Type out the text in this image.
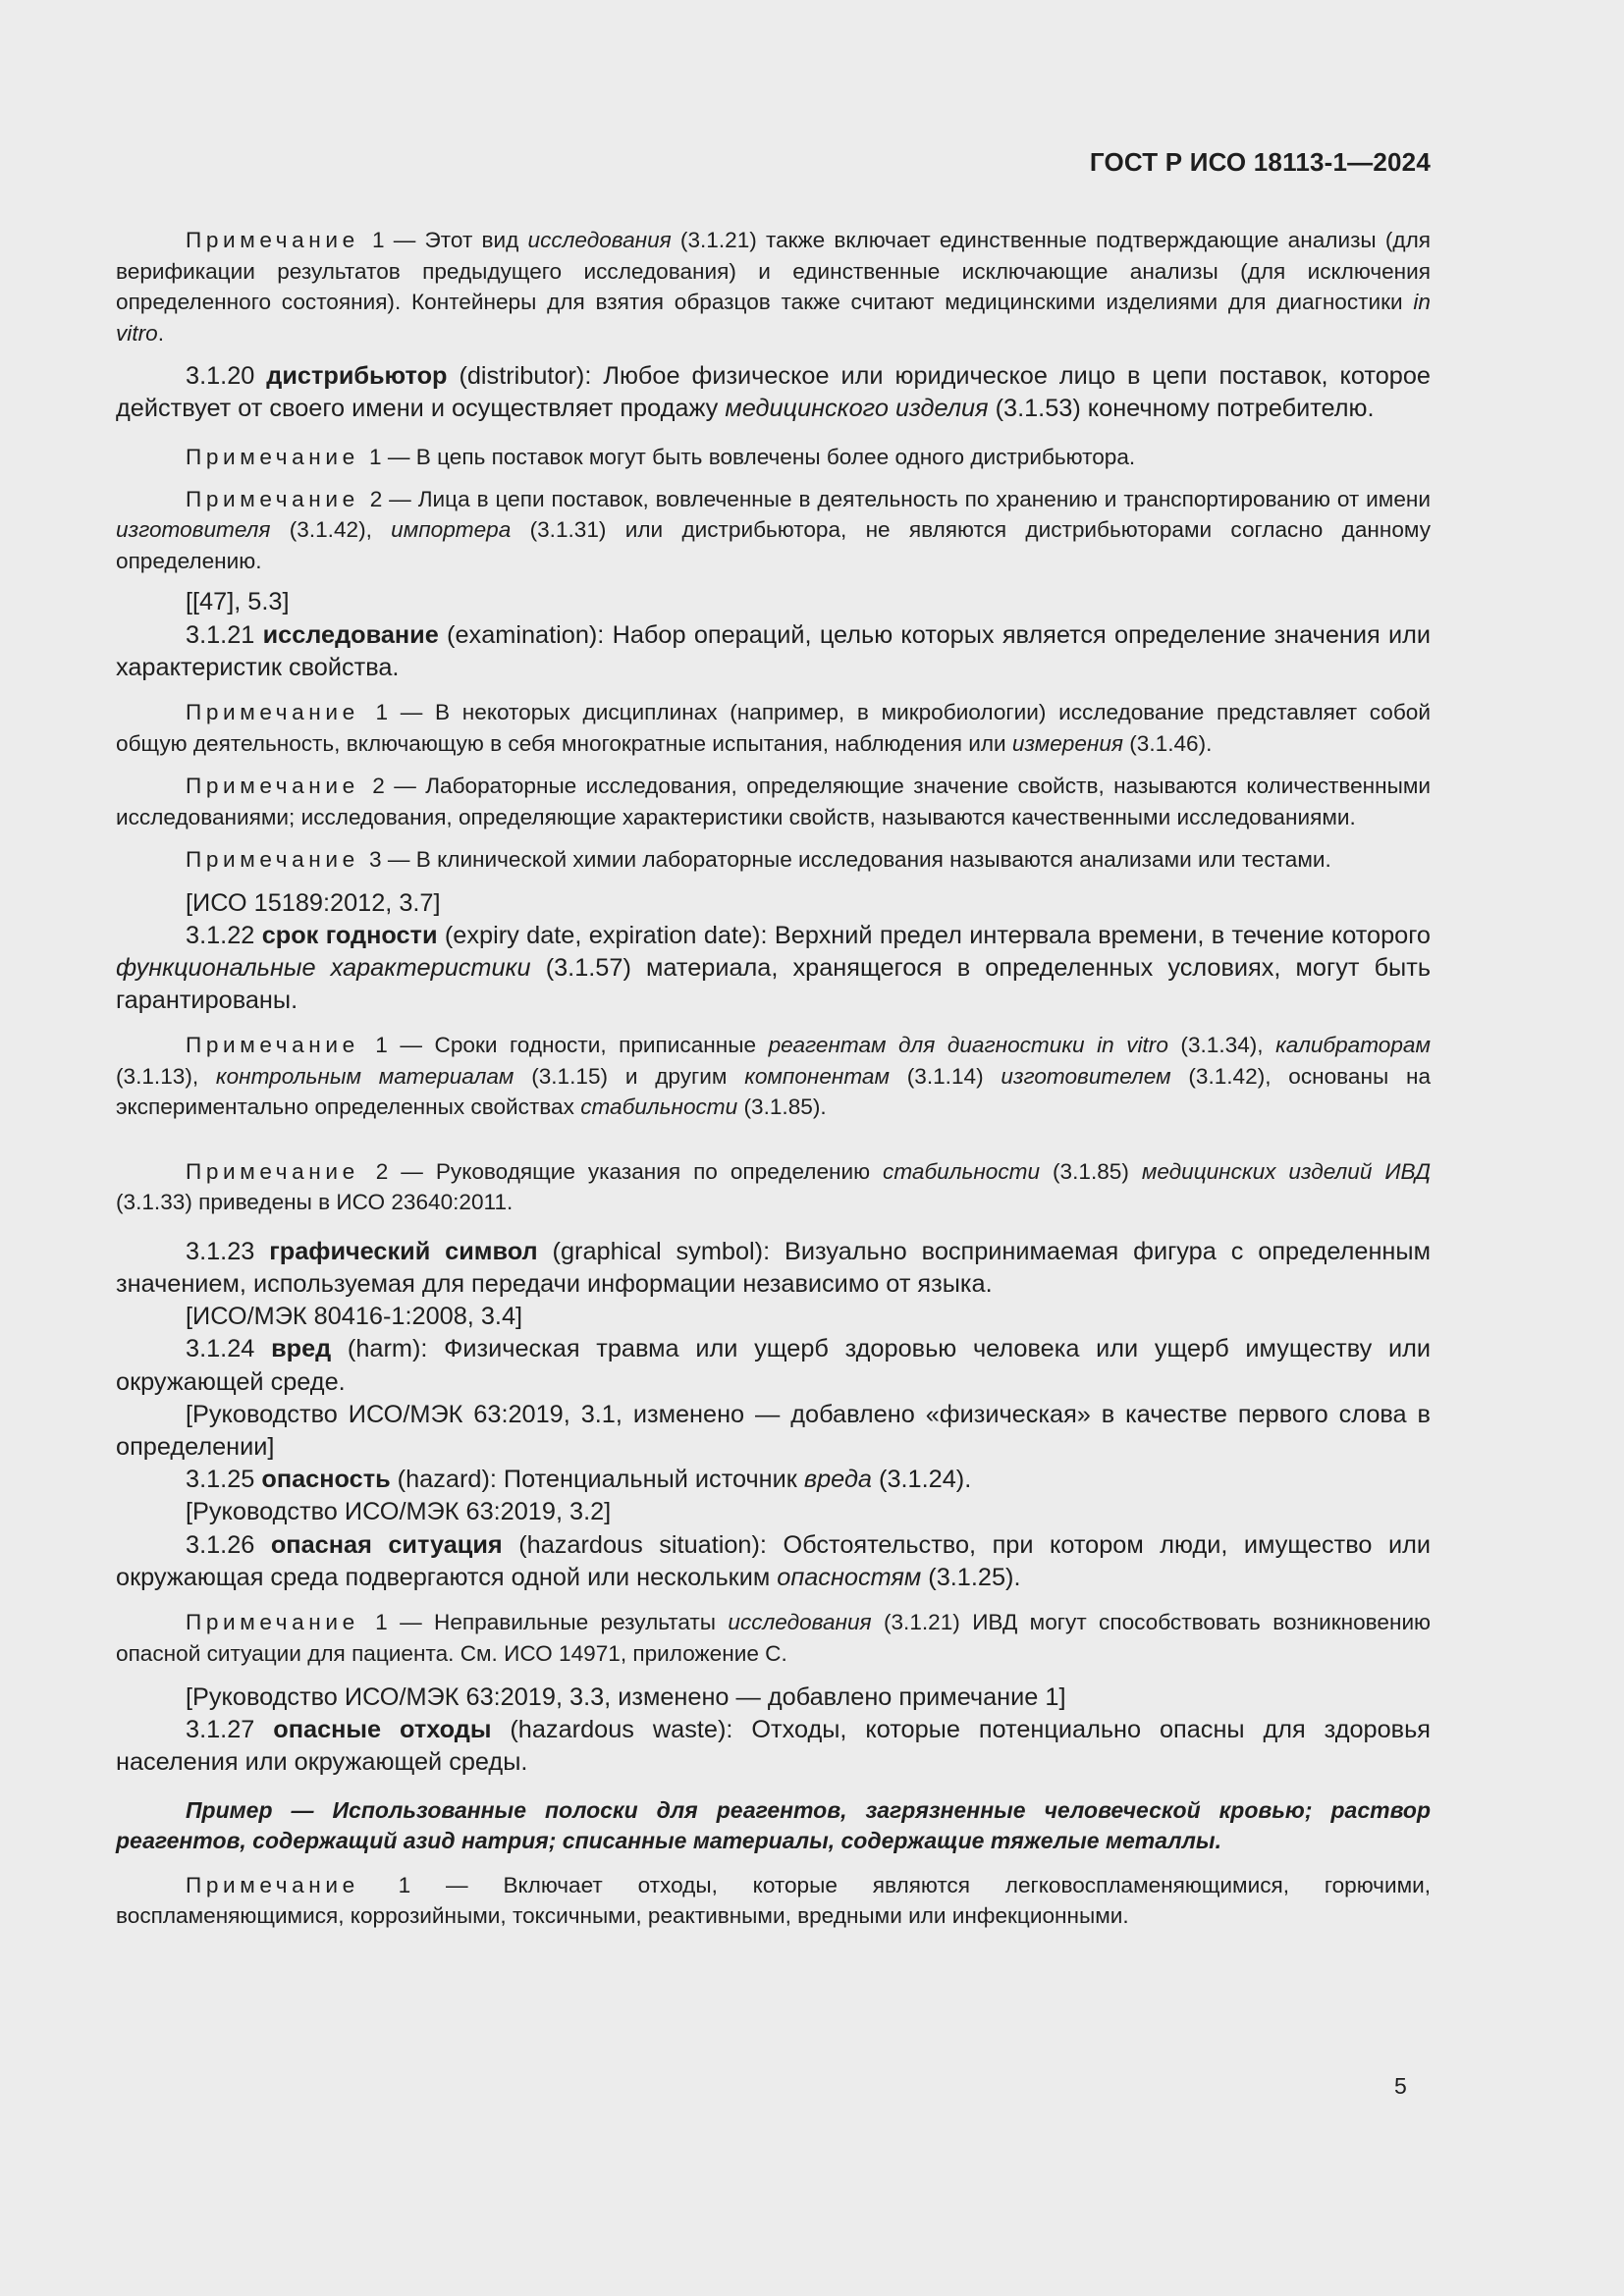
ГОСТ Р ИСО 18113-1—2024

Примечание 1 — Этот вид исследования (3.1.21) также включает единственные подтверждающие анализы (для верификации результатов предыдущего исследования) и единственные исключающие анализы (для исключения определенного состояния). Контейнеры для взятия образцов также считают медицинскими изделиями для диагностики in vitro.

3.1.20 дистрибьютор (distributor): Любое физическое или юридическое лицо в цепи поставок, которое действует от своего имени и осуществляет продажу медицинского изделия (3.1.53) конечному потребителю.

Примечание 1 — В цепь поставок могут быть вовлечены более одного дистрибьютора.

Примечание 2 — Лица в цепи поставок, вовлеченные в деятельность по хранению и транспортированию от имени изготовителя (3.1.42), импортера (3.1.31) или дистрибьютора, не являются дистрибьюторами согласно данному определению.

[[47], 5.3]

3.1.21 исследование (examination): Набор операций, целью которых является определение значения или характеристик свойства.

Примечание 1 — В некоторых дисциплинах (например, в микробиологии) исследование представляет собой общую деятельность, включающую в себя многократные испытания, наблюдения или измерения (3.1.46).

Примечание 2 — Лабораторные исследования, определяющие значение свойств, называются количественными исследованиями; исследования, определяющие характеристики свойств, называются качественными исследованиями.

Примечание 3 — В клинической химии лабораторные исследования называются анализами или тестами.

[ИСО 15189:2012, 3.7]

3.1.22 срок годности (expiry date, expiration date): Верхний предел интервала времени, в течение которого функциональные характеристики (3.1.57) материала, хранящегося в определенных условиях, могут быть гарантированы.

Примечание 1 — Сроки годности, приписанные реагентам для диагностики in vitro (3.1.34), калибраторам (3.1.13), контрольным материалам (3.1.15) и другим компонентам (3.1.14) изготовителем (3.1.42), основаны на экспериментально определенных свойствах стабильности (3.1.85).

Примечание 2 — Руководящие указания по определению стабильности (3.1.85) медицинских изделий ИВД (3.1.33) приведены в ИСО 23640:2011.

3.1.23 графический символ (graphical symbol): Визуально воспринимаемая фигура с определенным значением, используемая для передачи информации независимо от языка.

[ИСО/МЭК 80416-1:2008, 3.4]

3.1.24 вред (harm): Физическая травма или ущерб здоровью человека или ущерб имуществу или окружающей среде.

[Руководство ИСО/МЭК 63:2019, 3.1, изменено — добавлено «физическая» в качестве первого слова в определении]

3.1.25 опасность (hazard): Потенциальный источник вреда (3.1.24).

[Руководство ИСО/МЭК 63:2019, 3.2]

3.1.26 опасная ситуация (hazardous situation): Обстоятельство, при котором люди, имущество или окружающая среда подвергаются одной или нескольким опасностям (3.1.25).

Примечание 1 — Неправильные результаты исследования (3.1.21) ИВД могут способствовать возникновению опасной ситуации для пациента. См. ИСО 14971, приложение С.

[Руководство ИСО/МЭК 63:2019, 3.3, изменено — добавлено примечание 1]

3.1.27 опасные отходы (hazardous waste): Отходы, которые потенциально опасны для здоровья населения или окружающей среды.

Пример — Использованные полоски для реагентов, загрязненные человеческой кровью; раствор реагентов, содержащий азид натрия; списанные материалы, содержащие тяжелые металлы.

Примечание 1 — Включает отходы, которые являются легковоспламеняющимися, горючими, воспламеняющимися, коррозийными, токсичными, реактивными, вредными или инфекционными.

5
